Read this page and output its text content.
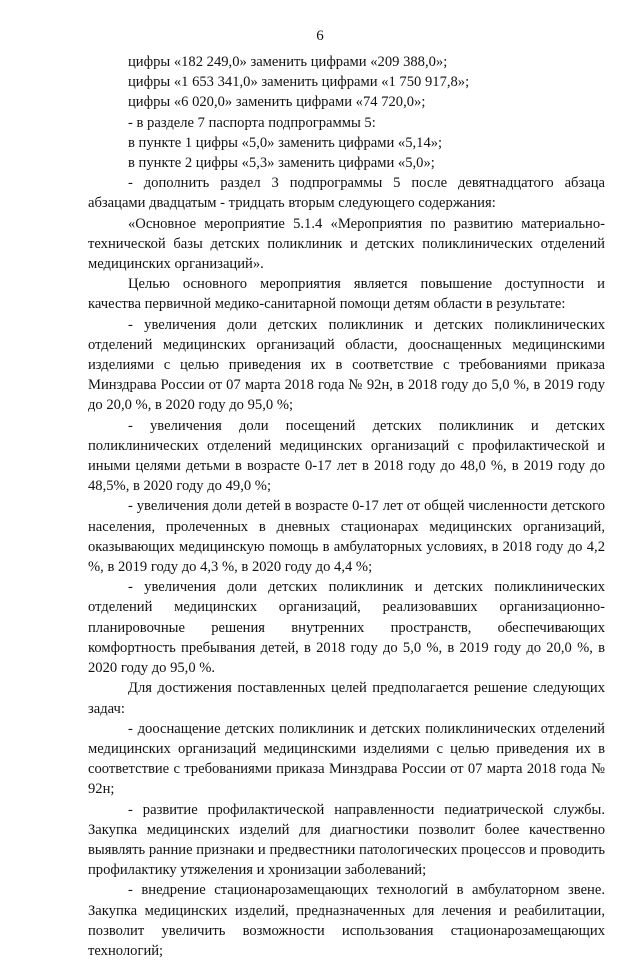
6

цифры «182 249,0» заменить цифрами «209 388,0»;

цифры «1 653 341,0» заменить цифрами «1 750 917,8»;

цифры «6 020,0» заменить цифрами «74 720,0»;

- в разделе 7 паспорта подпрограммы 5:

в пункте 1 цифры «5,0» заменить цифрами «5,14»;

в пункте 2 цифры «5,3» заменить цифрами «5,0»;

- дополнить раздел 3 подпрограммы 5 после девятнадцатого абзаца абзацами двадцатым - тридцать вторым следующего содержания:

«Основное мероприятие 5.1.4 «Мероприятия по развитию материально-технической базы детских поликлиник и детских поликлинических отделений медицинских организаций».

Целью основного мероприятия является повышение доступности и качества первичной медико-санитарной помощи детям области в результате:

- увеличения доли детских поликлиник и детских поликлинических отделений медицинских организаций области, дооснащенных медицинскими изделиями с целью приведения их в соответствие с требованиями приказа Минздрава России от 07 марта 2018 года № 92н, в 2018 году до 5,0 %, в 2019 году до 20,0 %, в 2020 году до 95,0 %;

- увеличения доли посещений детских поликлиник и детских поликлинических отделений медицинских организаций с профилактической и иными целями детьми в возрасте 0-17 лет в 2018 году до 48,0 %, в 2019 году до 48,5%, в 2020 году до 49,0 %;

- увеличения доли детей в возрасте 0-17 лет от общей численности детского населения, пролеченных в дневных стационарах медицинских организаций, оказывающих медицинскую помощь в амбулаторных условиях, в 2018 году до 4,2 %, в 2019 году до 4,3 %, в 2020 году до 4,4 %;

- увеличения доли детских поликлиник и детских поликлинических отделений медицинских организаций, реализовавших организационно-планировочные решения внутренних пространств, обеспечивающих комфортность пребывания детей, в 2018 году до 5,0 %, в 2019 году до 20,0 %, в 2020 году до 95,0 %.

Для достижения поставленных целей предполагается решение следующих задач:

- дооснащение детских поликлиник и детских поликлинических отделений медицинских организаций медицинскими изделиями с целью приведения их в соответствие с требованиями приказа Минздрава России от 07 марта 2018 года № 92н;

- развитие профилактической направленности педиатрической службы. Закупка медицинских изделий для диагностики позволит более качественно выявлять ранние признаки и предвестники патологических процессов и проводить профилактику утяжеления и хронизации заболеваний;

- внедрение стационарозамещающих технологий в амбулаторном звене. Закупка медицинских изделий, предназначенных для лечения и реабилитации, позволит увеличить возможности использования стационарозамещающих технологий;
